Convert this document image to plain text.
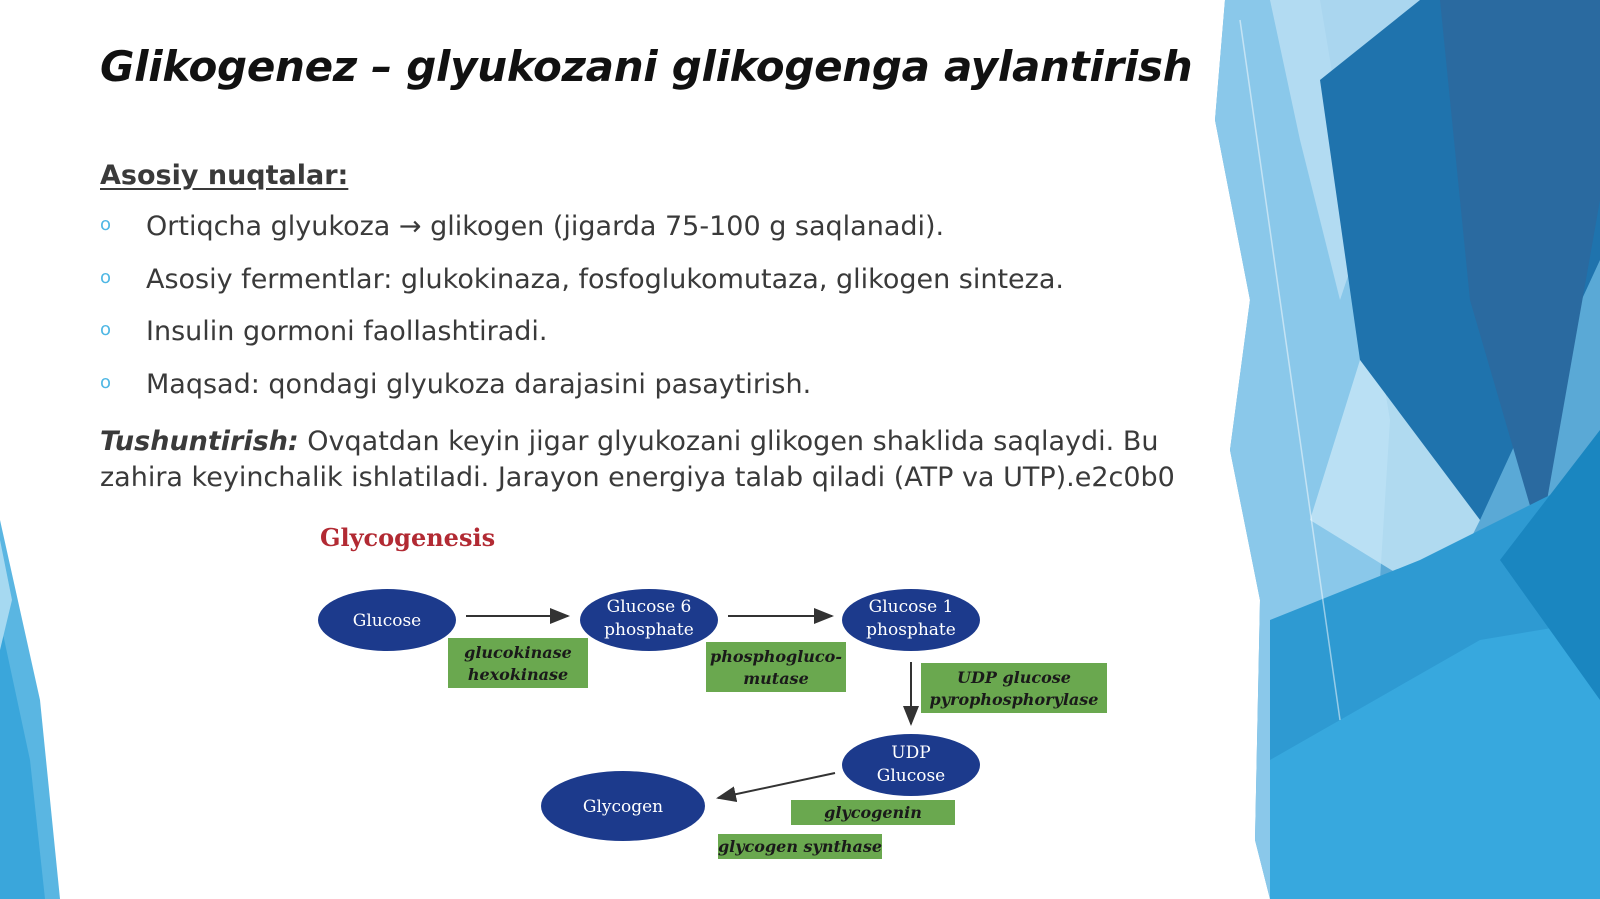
Glikogenez – glyukozani glikogenga aylantirish
Asosiy nuqtalar:
o	Ortiqcha glyukoza → glikogen (jigarda 75-100 g saqlanadi).
o	Asosiy fermentlar: glukokinaza, fosfoglukomutaza, glikogen sinteza.
o	Insulin gormoni faollashtiradi.
o	Maqsad: qondagi glyukoza darajasini pasaytirish.
Tushuntirish: Ovqatdan keyin jigar glyukozani glikogen shaklida saqlaydi. Bu zahira keyinchalik ishlatiladi. Jarayon energiya talab qiladi (ATP va UTP).e2c0b0
Glycogenesis
Glucose
Glucose 6
phosphate
Glucose 1
phosphate
UDP
Glucose
Glycogen
glucokinase
hexokinase
phosphogluco-
mutase	UDP glucose
pyrophosphorylase
glycogenin
glycogen synthase
